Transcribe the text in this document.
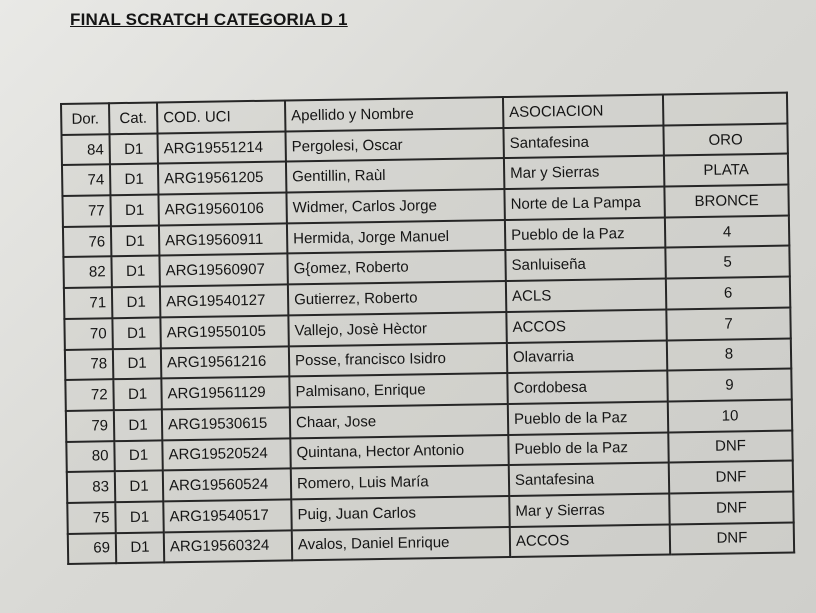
FINAL SCRATCH CATEGORIA D 1
Dor.	Cat.	COD. UCI	Apellido y Nombre	ASOCIACION	
84	D1	ARG19551214	Pergolesi, Oscar	Santafesina	ORO
74	D1	ARG19561205	Gentillin, Raùl	Mar y Sierras	PLATA
77	D1	ARG19560106	Widmer, Carlos Jorge	Norte de La Pampa	BRONCE
76	D1	ARG19560911	Hermida, Jorge Manuel	Pueblo de la Paz	4
82	D1	ARG19560907	G{omez, Roberto	Sanluiseña	5
71	D1	ARG19540127	Gutierrez, Roberto	ACLS	6
70	D1	ARG19550105	Vallejo, Josè Hèctor	ACCOS	7
78	D1	ARG19561216	Posse, francisco Isidro	Olavarria	8
72	D1	ARG19561129	Palmisano, Enrique	Cordobesa	9
79	D1	ARG19530615	Chaar, Jose	Pueblo de la Paz	10
80	D1	ARG19520524	Quintana, Hector Antonio	Pueblo de la Paz	DNF
83	D1	ARG19560524	Romero, Luis María	Santafesina	DNF
75	D1	ARG19540517	Puig, Juan Carlos	Mar y Sierras	DNF
69	D1	ARG19560324	Avalos, Daniel Enrique	ACCOS	DNF
